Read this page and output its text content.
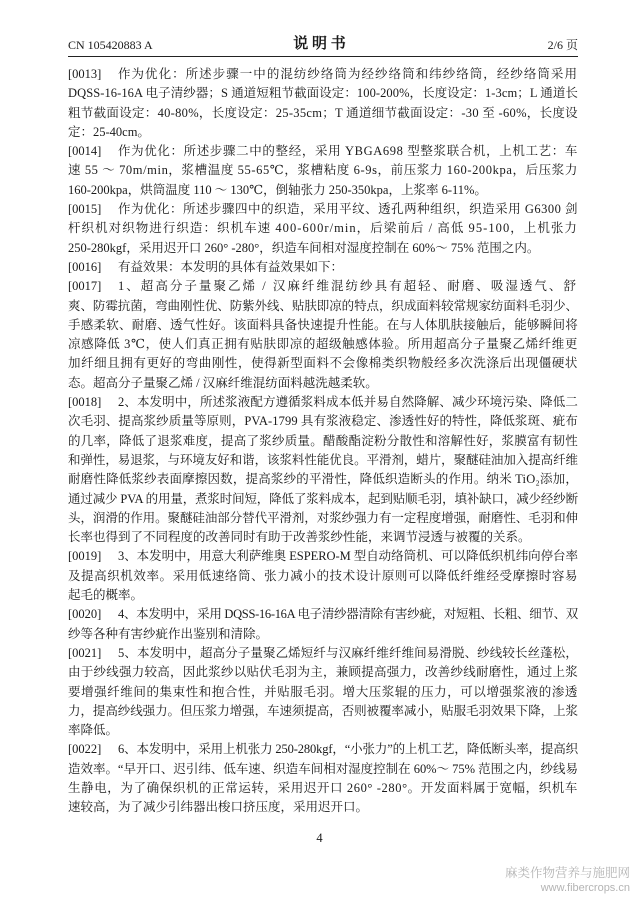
CN 105420883 A	说 明 书	2/6 页
[0013] 作为优化：所述步骤一中的混纺纱络筒为经纱络筒和纬纱络筒，经纱络筒采用
DQSS-16-16A 电子清纱器；S 通道短粗节截面设定：100-200%，长度设定：1-3cm；L 通道长
粗节截面设定：40-80%，长度设定：25-35cm；T 通道细节截面设定：-30 至 -60%，长度设
定：25-40cm。
[0014] 作为优化：所述步骤二中的整经，采用 YBGA698 型整浆联合机，上机工艺：车
速 55 ～ 70m/min，浆槽温度 55-65℃，浆槽粘度 6-9s，前压浆力 160-200kpa，后压浆力
160-200kpa，烘筒温度 110 ～ 130℃，倒轴张力 250-350kpa，上浆率 6-11%。
[0015] 作为优化：所述步骤四中的织造，采用平纹、透孔两种组织，织造采用 G6300 剑
杆织机对织物进行织造：织机车速 400-600r/min，后梁前后 / 高低 95-100，上机张力
250-280kgf，采用迟开口 260° -280°，织造车间相对湿度控制在 60%～ 75% 范围之内。
[0016] 有益效果：本发明的具体有益效果如下：
[0017] 1、超高分子量聚乙烯 / 汉麻纤维混纺纱具有超轻、耐磨、吸湿透气、舒
爽、防霉抗菌，弯曲刚性优、防紫外线、贴肤即凉的特点，织成面料较常规家纺面料毛羽少、
手感柔软、耐磨、透气性好。该面料具备快速提升性能。在与人体肌肤接触后，能够瞬间将
凉感降低 3℃，使人们真正拥有贴肤即凉的超级触感体验。所用超高分子量聚乙烯纤维更
加纤细且拥有更好的弯曲刚性，使得新型面料不会像棉类织物般经多次洗涤后出现僵硬状
态。超高分子量聚乙烯 / 汉麻纤维混纺面料越洗越柔软。
[0018] 2、本发明中，所述浆液配方遵循浆料成本低并易自然降解、减少环境污染、降低二
次毛羽、提高浆纱质量等原则，PVA-1799 具有浆液稳定、渗透性好的特性，降低浆斑、疵布
的几率，降低了退浆难度，提高了浆纱质量。醋酸酯淀粉分散性和溶解性好，浆膜富有韧性
和弹性，易退浆，与环境友好和谐，该浆料性能优良。平滑剂，蜡片，聚醚硅油加入提高纤维
耐磨性降低浆纱表面摩擦因数，提高浆纱的平滑性，降低织造断头的作用。纳米 TiO₂添加，
通过减少 PVA 的用量，煮浆时间短，降低了浆料成本，起到贴顺毛羽，填补缺口，减少经纱断
头，润滑的作用。聚醚硅油部分替代平滑剂，对浆纱强力有一定程度增强，耐磨性、毛羽和伸
长率也得到了不同程度的改善同时有助于改善浆纱性能，来调节浸透与被覆的关系。
[0019] 3、本发明中，用意大利萨维奥 ESPERO-M 型自动络筒机、可以降低织机纬向停台率
及提高织机效率。采用低速络筒、张力减小的技术设计原则可以降低纤维经受摩擦时容易
起毛的概率。
[0020] 4、本发明中，采用 DQSS-16-16A 电子清纱器清除有害纱疵，对短粗、长粗、细节、双
纱等各种有害纱疵作出鉴别和清除。
[0021] 5、本发明中，超高分子量聚乙烯短纤与汉麻纤维纤维间易滑脱、纱线较长丝蓬松，
由于纱线强力较高，因此浆纱以贴伏毛羽为主，兼顾提高强力，改善纱线耐磨性，通过上浆
要增强纤维间的集束性和抱合性，并贴服毛羽。增大压浆辊的压力，可以增强浆液的渗透
力，提高纱线强力。但压浆力增强，车速须提高，否则被覆率减小，贴服毛羽效果下降，上浆
率降低。
[0022] 6、本发明中，采用上机张力 250-280kgf，“小张力”的上机工艺，降低断头率，提高织
造效率。“早开口、迟引纬、低车速、织造车间相对湿度控制在 60%～ 75% 范围之内，纱线易
生静电，为了确保织机的正常运转，采用迟开口 260° -280°。开发面料属于宽幅，织机车
速较高，为了减少引纬器出梭口挤压度，采用迟开口。
4
麻类作物营养与施肥网
www.fibercrops.cn
